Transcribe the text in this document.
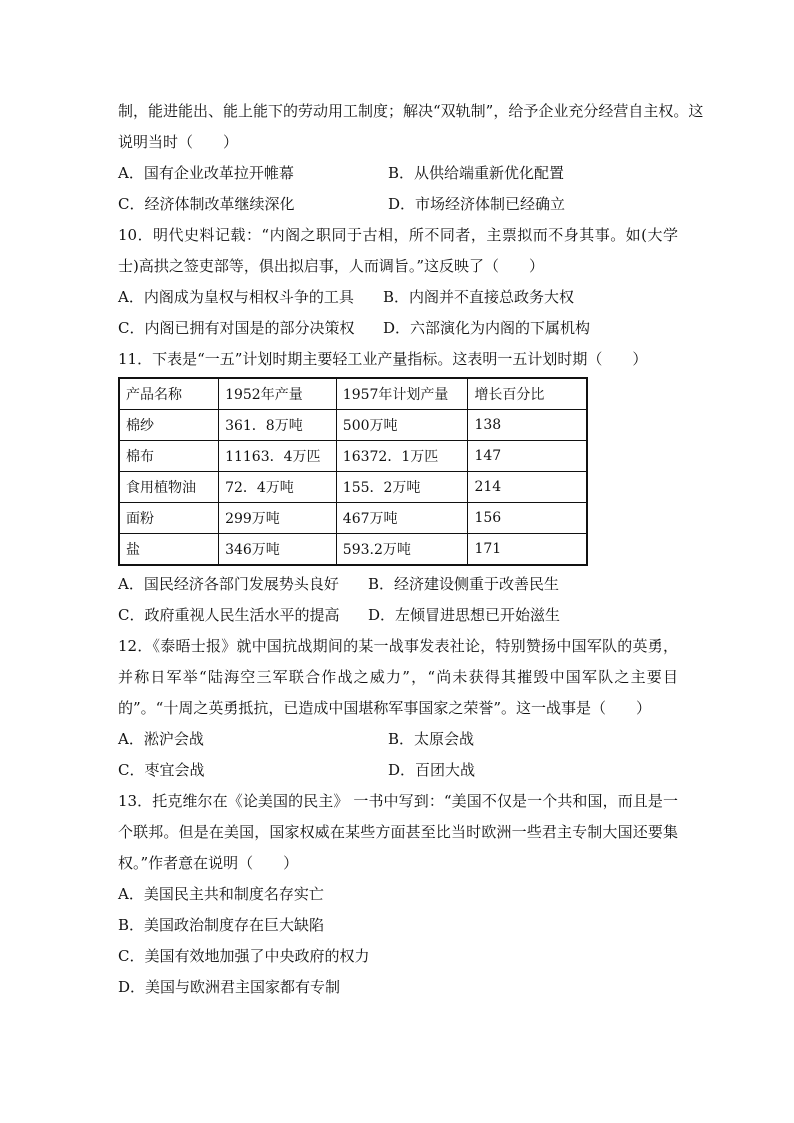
制，能进能出、能上能下的劳动用工制度；解决“双轨制”，给予企业充分经营自主权。这
说明当时（　　）
A．国有企业改革拉开帷幕	B．从供给端重新优化配置
C．经济体制改革继续深化	D．市场经济体制已经确立

10．明代史料记载：“内阁之职同于古相，所不同者，主票拟而不身其事。如(大学士)高拱之签吏部等，俱出拟启事，人而调旨。”这反映了（　　）

A．内阁成为皇权与相权斗争的工具	B．内阁并不直接总政务大权
C．内阁已拥有对国是的部分决策权	D．六部演化为内阁的下属机构
11．下表是“一五”计划时期主要轻工业产量指标。这表明一五计划时期（　　）
产品名称	1952年产量	1957年计划产量	增长百分比
棉纱	361．8万吨	500万吨	138
棉布	11163．4万匹	16372．1万匹	147
食用植物油	72．4万吨	155．2万吨	214
面粉	299万吨	467万吨	156
盐	346万吨	593.2万吨	171
A．国民经济各部门发展势头良好	B．经济建设侧重于改善民生
C．政府重视人民生活水平的提高	D．左倾冒进思想已开始滋生

12．《泰晤士报》就中国抗战期间的某一战事发表社论，特别赞扬中国军队的英勇，并称日军举“陆海空三军联合作战之威力”，“尚未获得其摧毁中国军队之主要目的”。“十周之英勇抵抗，已造成中国堪称军事国家之荣誉”。这一战事是（　　）

A．淞沪会战	B．太原会战
C．枣宜会战	D．百团大战

13．托克维尔在《论美国的民主》 一书中写到：“美国不仅是一个共和国，而且是一个联邦。但是在美国，国家权威在某些方面甚至比当时欧洲一些君主专制大国还要集权。”作者意在说明（　　）

A．美国民主共和制度名存实亡
B．美国政治制度存在巨大缺陷
C．美国有效地加强了中央政府的权力
D．美国与欧洲君主国家都有专制
